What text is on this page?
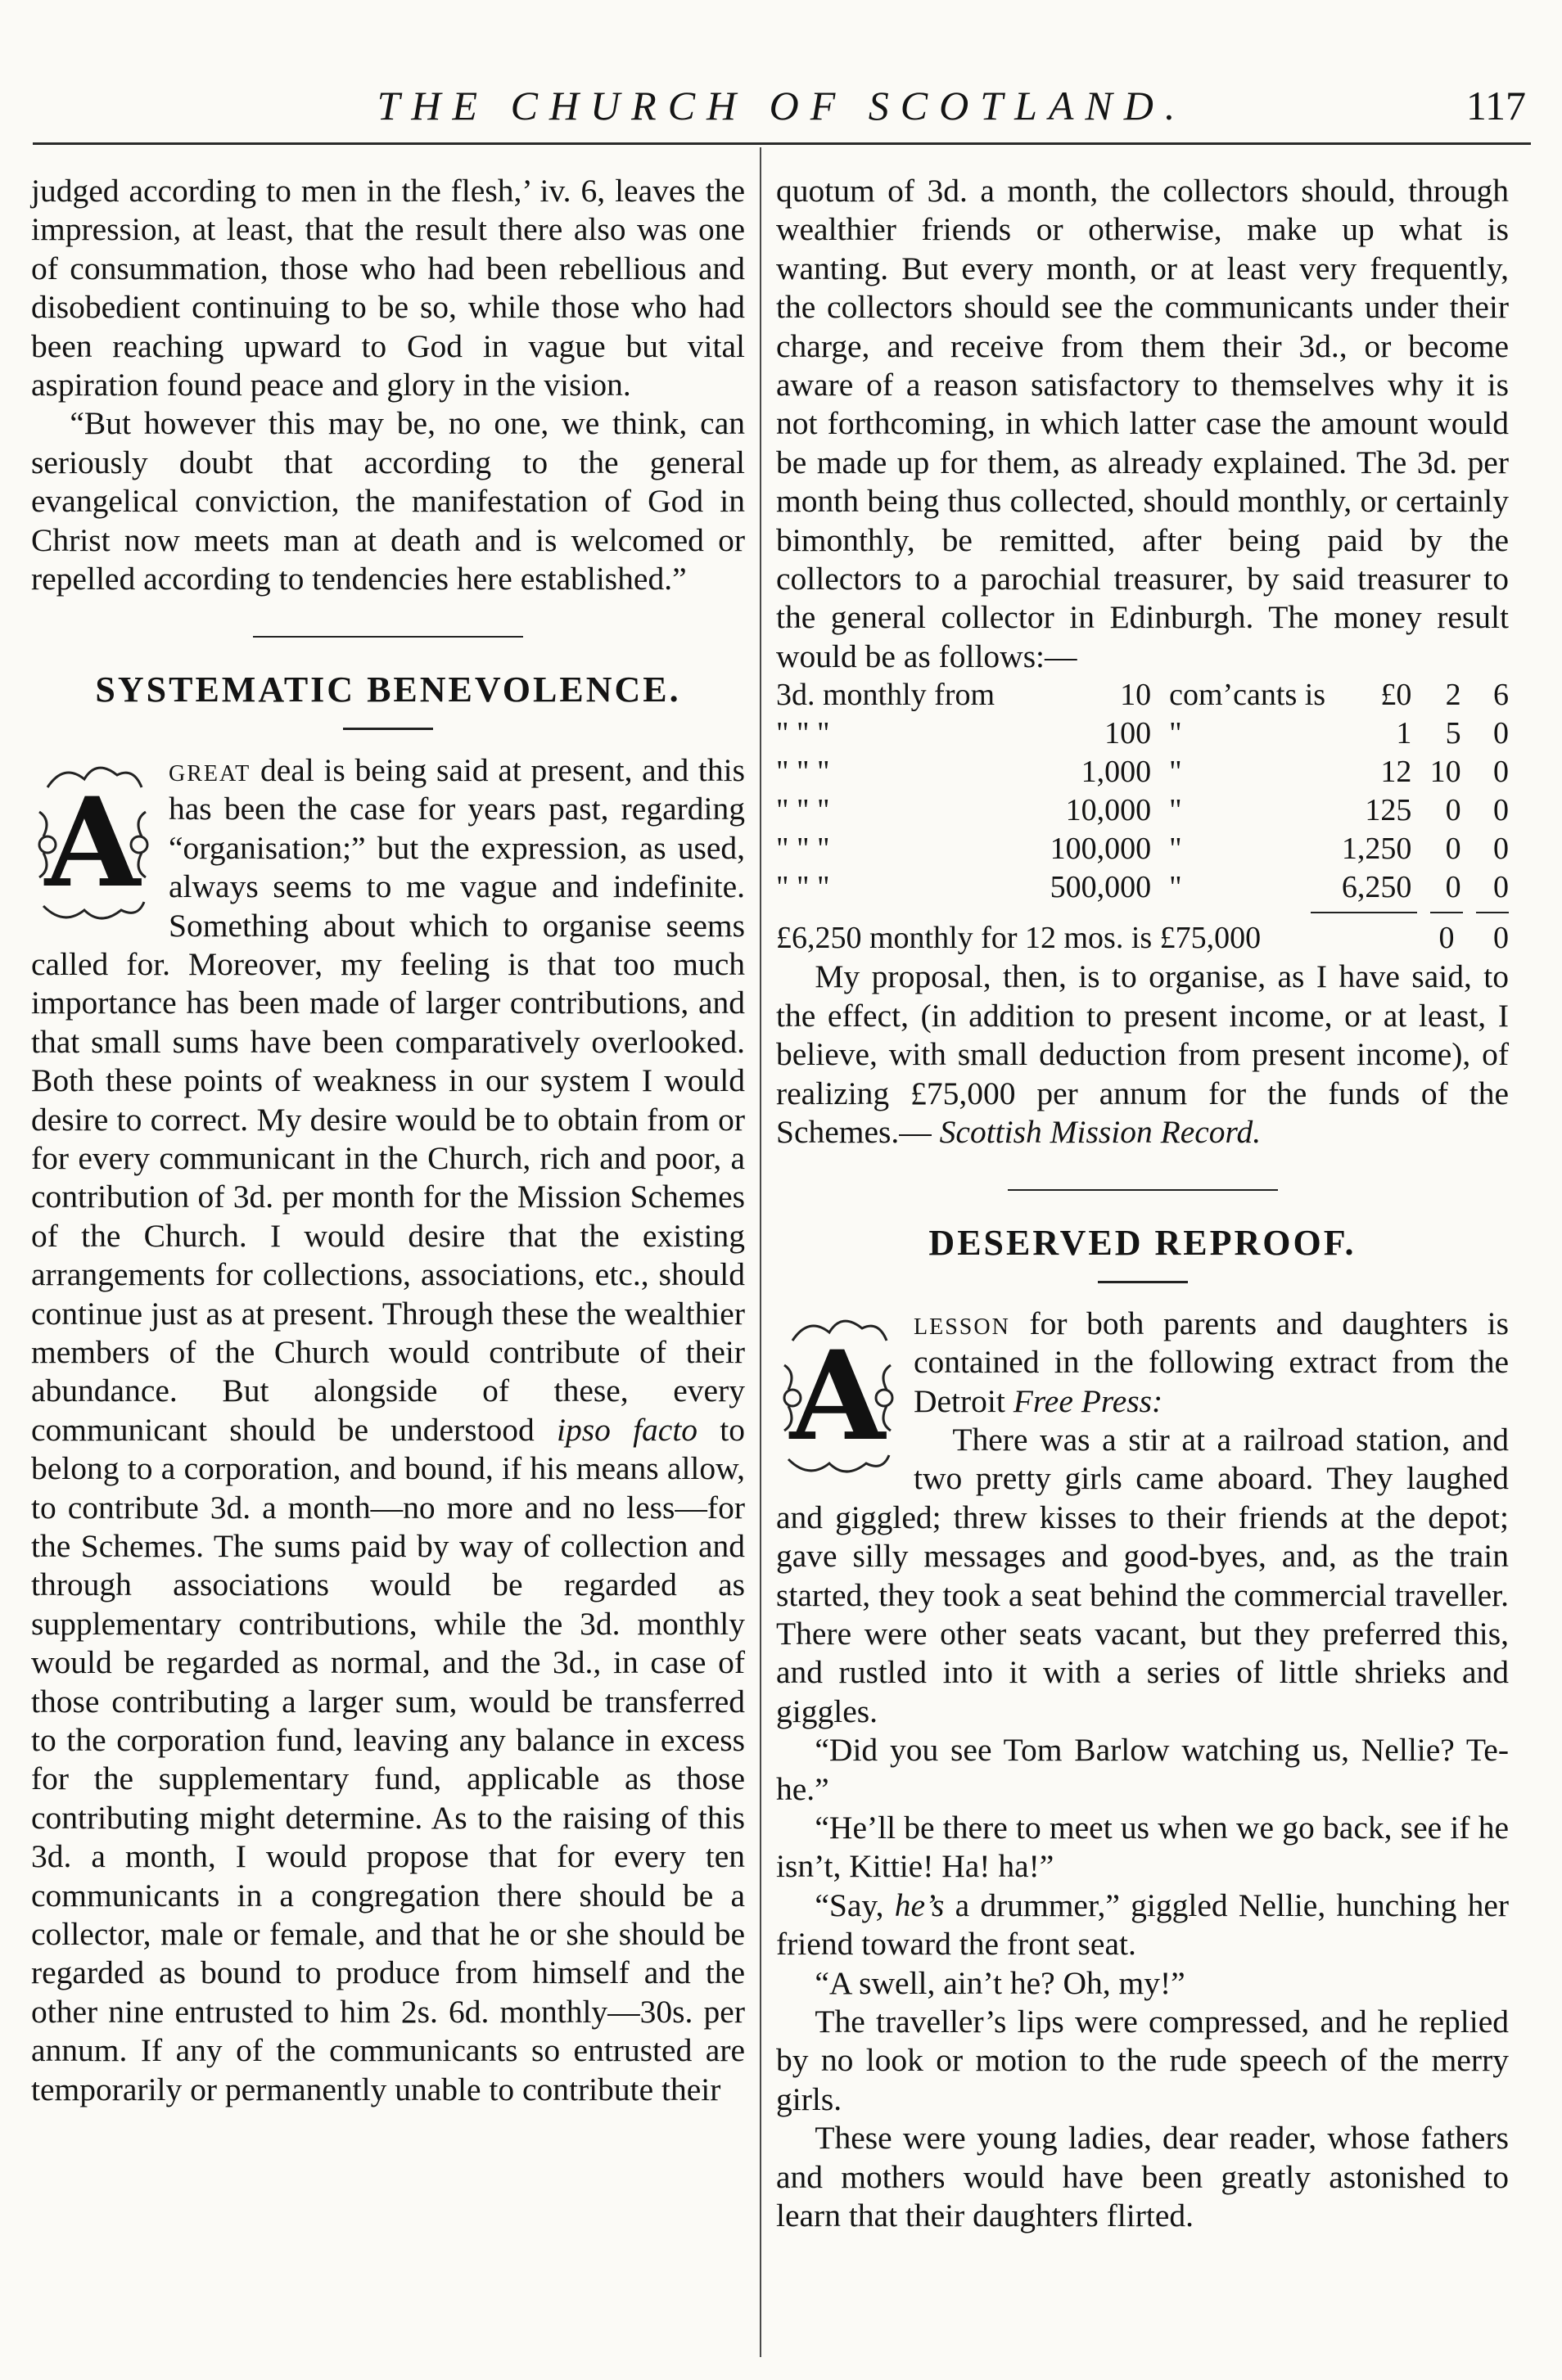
THE CHURCH OF SCOTLAND.	117

judged according to men in the flesh,’ iv. 6, leaves the impression, at least, that the result there also was one of consummation, those who had been rebellious and disobedient continuing to be so, while those who had been reaching upward to God in vague but vital aspiration found peace and glory in the vision.

“But however this may be, no one, we think, can seriously doubt that according to the general evangelical conviction, the manifestation of God in Christ now meets man at death and is welcomed or repelled according to tendencies here established.”

SYSTEMATIC BENEVOLENCE.

A
great deal is being said at present, and this has been the case for years past, regarding “organisation;” but the expression, as used, always seems to me vague and indefinite. Something about which to organise seems called for. Moreover, my feeling is that too much importance has been made of larger contributions, and that small sums have been comparatively overlooked. Both these points of weakness in our system I would desire to correct. My desire would be to obtain from or for every communicant in the Church, rich and poor, a contribution of 3d. per month for the Mission Schemes of the Church. I would desire that the existing arrangements for collections, associations, etc., should continue just as at present. Through these the wealthier members of the Church would contribute of their abundance. But alongside of these, every communicant should be understood ipso facto to belong to a corporation, and bound, if his means allow, to contribute 3d. a month—no more and no less—for the Schemes. The sums paid by way of collection and through associations would be regarded as supplementary contributions, while the 3d. monthly would be regarded as normal, and the 3d., in case of those contributing a larger sum, would be transferred to the corporation fund, leaving any balance in excess for the supplementary fund, applicable as those contributing might determine. As to the raising of this 3d. a month, I would propose that for every ten communicants in a congregation there should be a collector, male or female, and that he or she should be regarded as bound to produce from himself and the other nine entrusted to him 2s. 6d. monthly—30s. per annum. If any of the communicants so entrusted are temporarily or permanently unable to contribute their

quotum of 3d. a month, the collectors should, through wealthier friends or otherwise, make up what is wanting. But every month, or at least very frequently, the collectors should see the communicants under their charge, and receive from them their 3d., or become aware of a reason satisfactory to themselves why it is not forthcoming, in which latter case the amount would be made up for them, as already explained. The 3d. per month being thus collected, should monthly, or certainly bimonthly, be remitted, after being paid by the collectors to a parochial treasurer, by said treasurer to the general collector in Edinburgh. The money result would be as follows:—

3d. monthly from	10	com’cants is	£0	2	6
" " "	100	"	1	5	0
" " "	1,000	"	12	10	0
" " "	10,000	"	125	0	0
" " "	100,000	"	1,250	0	0
" " "	500,000	"	6,250	0	0
£6,250 monthly for 12 mos. is £75,000	0 0

My proposal, then, is to organise, as I have said, to the effect, (in addition to present income, or at least, I believe, with small deduction from present income), of realizing £75,000 per annum for the funds of the Schemes.— Scottish Mission Record.

DESERVED REPROOF.

A
lesson for both parents and daughters is contained in the following extract from the Detroit Free Press:

There was a stir at a railroad station, and two pretty girls came aboard. They laughed and giggled; threw kisses to their friends at the depot; gave silly messages and good-byes, and, as the train started, they took a seat behind the commercial traveller. There were other seats vacant, but they preferred this, and rustled into it with a series of little shrieks and giggles.

“Did you see Tom Barlow watching us, Nellie? Te-he.”

“He’ll be there to meet us when we go back, see if he isn’t, Kittie! Ha! ha!”

“Say, he’s a drummer,” giggled Nellie, hunching her friend toward the front seat.

“A swell, ain’t he? Oh, my!”

The traveller’s lips were compressed, and he replied by no look or motion to the rude speech of the merry girls.

These were young ladies, dear reader, whose fathers and mothers would have been greatly astonished to learn that their daughters flirted.
